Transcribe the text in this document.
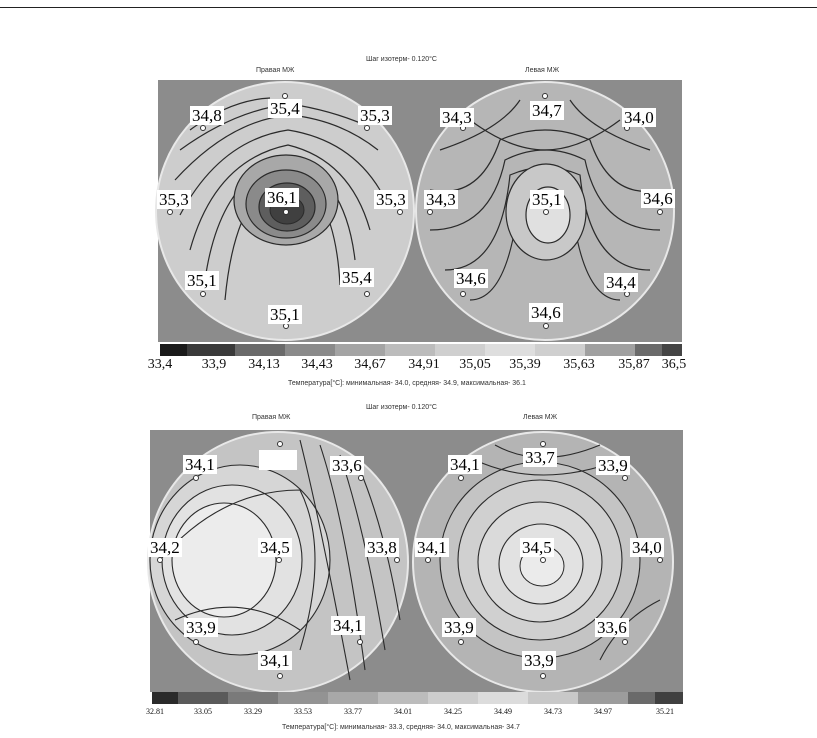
Шаг изотерм- 0.120°C
Правая МЖ	Левая МЖ
34,8	35,4	35,3
35,3	36,1	35,3
35,1	35,4
35,1
34,3	34,7	34,0
34,3	35,1	34,6
34,6	34,4
34,6
33,4 33,9 34,13 34,43 34,67 34,91 35,05 35,39 35,63 35,87 36,5
Температура[°C]: минимальная- 34.0, средняя- 34.9, максимальная- 36.1
Шаг изотерм- 0.120°C
Правая МЖ	Левая МЖ
34,1	33,6
34,2	34,5	33,8
33,9	34,1
34,1
34,1	33,7	33,9
34,1	34,5	34,0
33,9	33,6
33,9
32.81	33.05	33.29	33.53	33.77	34.01	34.25	34.49	34.73	34.97	35.21
Температура[°C]: минимальная- 33.3, средняя- 34.0, максимальная- 34.7
